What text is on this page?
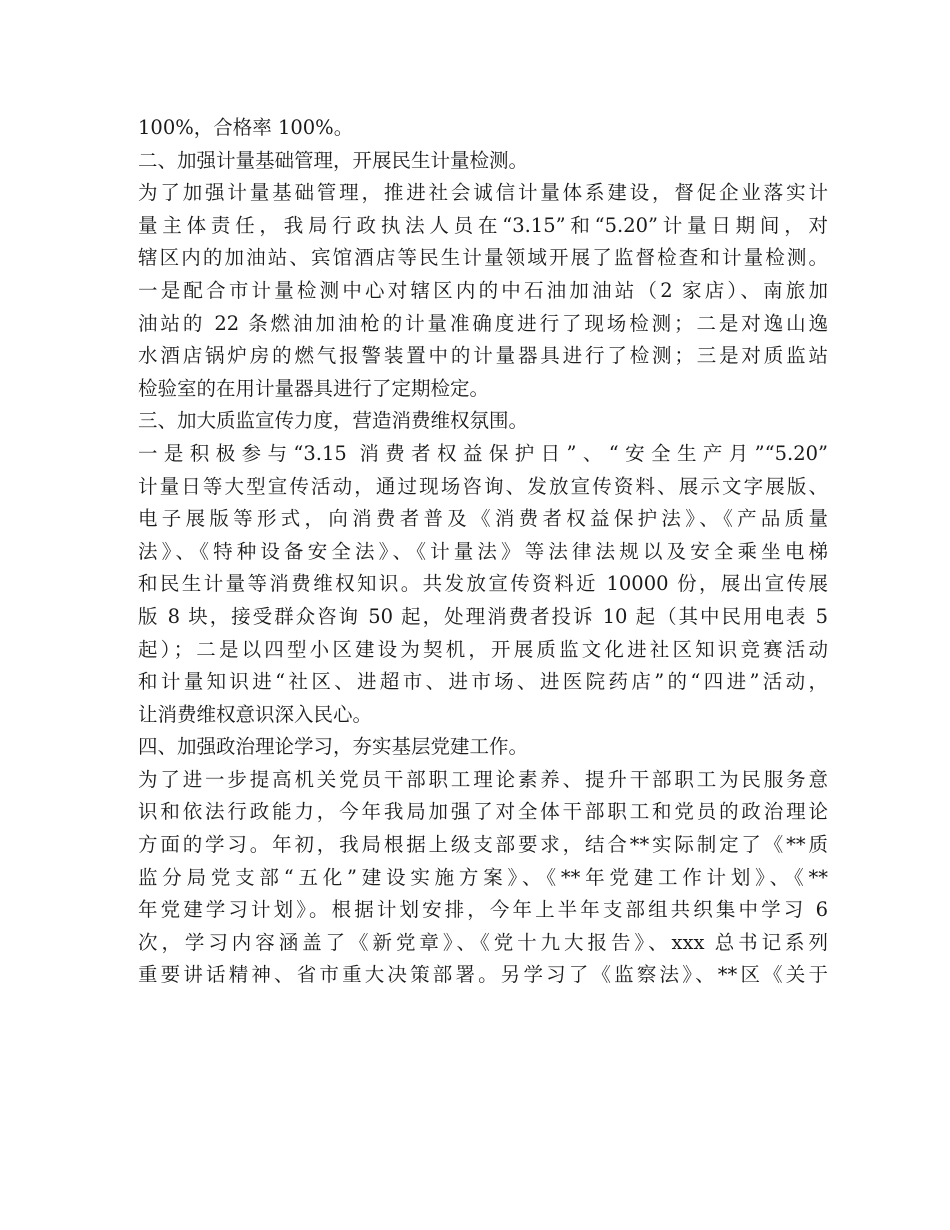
100%，合格率 100%。
二、加强计量基础管理，开展民生计量检测。
为了加强计量基础管理，推进社会诚信计量体系建设，督促企业落实计
量主体责任，我局行政执法人员在“3.15”和“5.20”计量日期间，对
辖区内的加油站、宾馆酒店等民生计量领域开展了监督检查和计量检测。
一是配合市计量检测中心对辖区内的中石油加油站（2 家店）、南旅加
油站的 22 条燃油加油枪的计量准确度进行了现场检测；二是对逸山逸
水酒店锅炉房的燃气报警装置中的计量器具进行了检测；三是对质监站
检验室的在用计量器具进行了定期检定。
三、加大质监宣传力度，营造消费维权氛围。
一是积极参与“3.15 消费者权益保护日”、“安全生产月”“5.20”
计量日等大型宣传活动，通过现场咨询、发放宣传资料、展示文字展版、
电子展版等形式，向消费者普及《消费者权益保护法》、《产品质量
法》、《特种设备安全法》、《计量法》等法律法规以及安全乘坐电梯
和民生计量等消费维权知识。共发放宣传资料近 10000 份，展出宣传展
版 8 块，接受群众咨询 50 起，处理消费者投诉 10 起（其中民用电表 5
起）；二是以四型小区建设为契机，开展质监文化进社区知识竞赛活动
和计量知识进“社区、进超市、进市场、进医院药店”的“四进”活动，
让消费维权意识深入民心。
四、加强政治理论学习，夯实基层党建工作。
为了进一步提高机关党员干部职工理论素养、提升干部职工为民服务意
识和依法行政能力，今年我局加强了对全体干部职工和党员的政治理论
方面的学习。年初，我局根据上级支部要求，结合**实际制定了《**质
监分局党支部“五化”建设实施方案》、《**年党建工作计划》、《**
年党建学习计划》。根据计划安排，今年上半年支部组共织集中学习 6
次，学习内容涵盖了《新党章》、《党十九大报告》、xxx 总书记系列
重要讲话精神、省市重大决策部署。另学习了《监察法》、**区《关于
